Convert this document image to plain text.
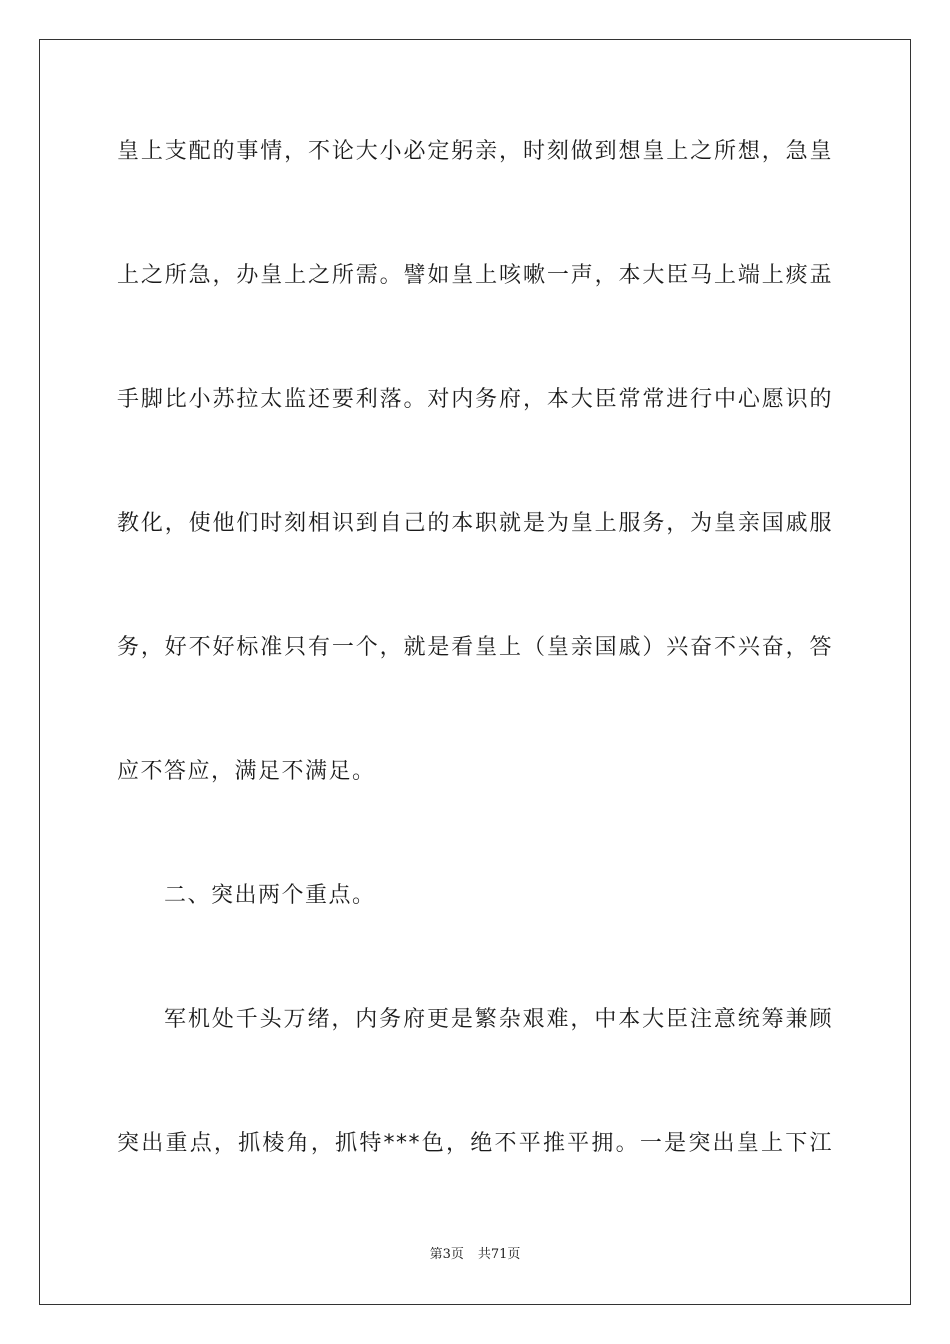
皇上支配的事情，不论大小必定躬亲，时刻做到想皇上之所想，急皇
上之所急，办皇上之所需。譬如皇上咳嗽一声，本大臣马上端上痰盂
手脚比小苏拉太监还要利落。对内务府，本大臣常常进行中心愿识的
教化，使他们时刻相识到自己的本职就是为皇上服务，为皇亲国戚服
务，好不好标准只有一个，就是看皇上（皇亲国戚）兴奋不兴奋，答
应不答应，满足不满足。
二、突出两个重点。
军机处千头万绪，内务府更是繁杂艰难，中本大臣注意统筹兼顾
突出重点，抓棱角，抓特***色，绝不平推平拥。一是突出皇上下江
第3页 共71页
